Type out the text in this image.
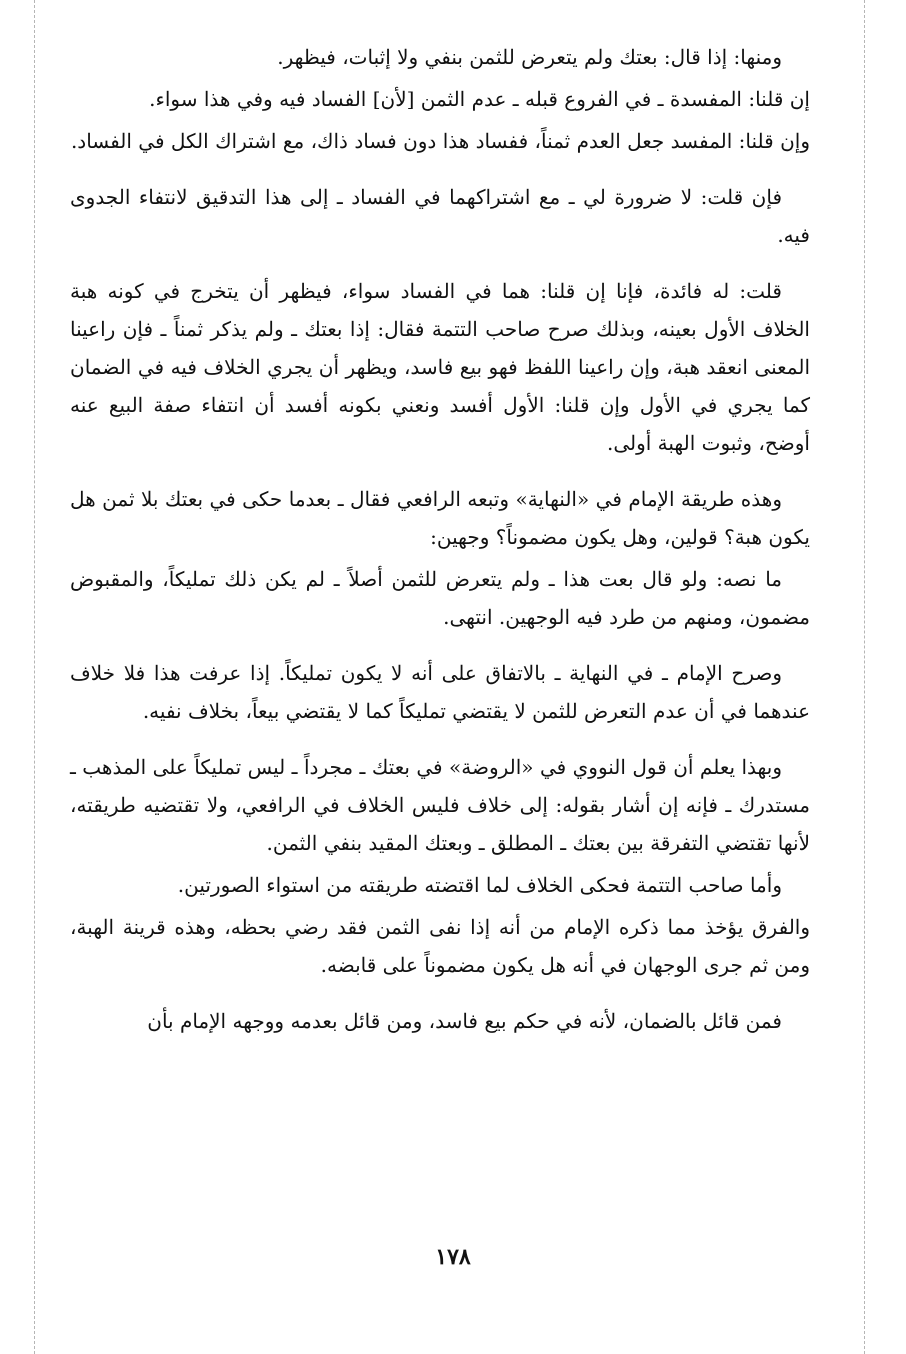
ومنها: إذا قال: بعتك ولم يتعرض للثمن بنفي ولا إثبات، فيظهر.

إن قلنا: المفسدة ـ في الفروع قبله ـ عدم الثمن [لأن] الفساد فيه وفي هذا سواء.

وإن قلنا: المفسد جعل العدم ثمناً، ففساد هذا دون فساد ذاك، مع اشتراك الكل في الفساد.

فإن قلت: لا ضرورة لي ـ مع اشتراكهما في الفساد ـ إلى هذا التدقيق لانتفاء الجدوى فيه.

قلت: له فائدة، فإنا إن قلنا: هما في الفساد سواء، فيظهر أن يتخرج في كونه هبة الخلاف الأول بعينه، وبذلك صرح صاحب التتمة فقال: إذا بعتك ـ ولم يذكر ثمناً ـ فإن راعينا المعنى انعقد هبة، وإن راعينا اللفظ فهو بيع فاسد، ويظهر أن يجري الخلاف فيه في الضمان كما يجري في الأول وإن قلنا: الأول أفسد ونعني بكونه أفسد أن انتفاء صفة البيع عنه أوضح، وثبوت الهبة أولى.

وهذه طريقة الإمام في «النهاية» وتبعه الرافعي فقال ـ بعدما حكى في بعتك بلا ثمن هل يكون هبة؟ قولين، وهل يكون مضموناً؟ وجهين:

ما نصه: ولو قال بعت هذا ـ ولم يتعرض للثمن أصلاً ـ لم يكن ذلك تمليكاً، والمقبوض مضمون، ومنهم من طرد فيه الوجهين. انتهى.

وصرح الإمام ـ في النهاية ـ بالاتفاق على أنه لا يكون تمليكاً. إذا عرفت هذا فلا خلاف عندهما في أن عدم التعرض للثمن لا يقتضي تمليكاً كما لا يقتضي بيعاً، بخلاف نفيه.

وبهذا يعلم أن قول النووي في «الروضة» في بعتك ـ مجرداً ـ ليس تمليكاً على المذهب ـ مستدرك ـ فإنه إن أشار بقوله: إلى خلاف فليس الخلاف في الرافعي، ولا تقتضيه طريقته، لأنها تقتضي التفرقة بين بعتك ـ المطلق ـ وبعتك المقيد بنفي الثمن.

وأما صاحب التتمة فحكى الخلاف لما اقتضته طريقته من استواء الصورتين.

والفرق يؤخذ مما ذكره الإمام من أنه إذا نفى الثمن فقد رضي بحظه، وهذه قرينة الهبة، ومن ثم جرى الوجهان في أنه هل يكون مضموناً على قابضه.

فمن قائل بالضمان، لأنه في حكم بيع فاسد، ومن قائل بعدمه ووجهه الإمام بأن

١٧٨
